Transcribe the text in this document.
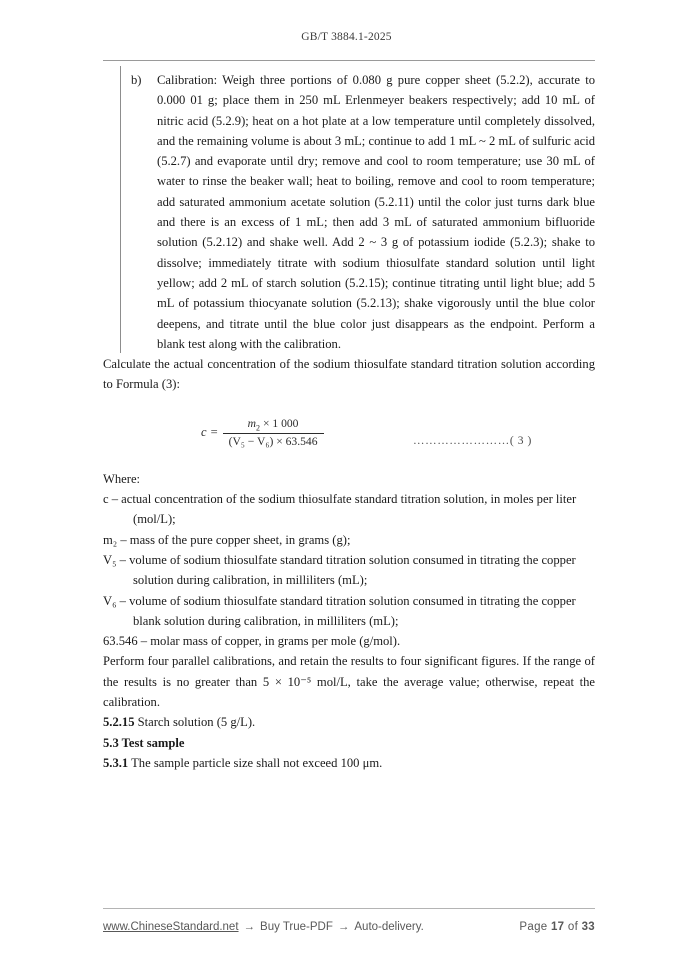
GB/T 3884.1-2025
b)	Calibration: Weigh three portions of 0.080 g pure copper sheet (5.2.2), accurate to 0.000 01 g; place them in 250 mL Erlenmeyer beakers respectively; add 10 mL of nitric acid (5.2.9); heat on a hot plate at a low temperature until completely dissolved, and the remaining volume is about 3 mL; continue to add 1 mL ~ 2 mL of sulfuric acid (5.2.7) and evaporate until dry; remove and cool to room temperature; use 30 mL of water to rinse the beaker wall; heat to boiling, remove and cool to room temperature; add saturated ammonium acetate solution (5.2.11) until the color just turns dark blue and there is an excess of 1 mL; then add 3 mL of saturated ammonium bifluoride solution (5.2.12) and shake well. Add 2 ~ 3 g of potassium iodide (5.2.3); shake to dissolve; immediately titrate with sodium thiosulfate standard solution until light yellow; add 2 mL of starch solution (5.2.15); continue titrating until light blue; add 5 mL of potassium thiocyanate solution (5.2.13); shake vigorously until the blue color deepens, and titrate until the blue color just disappears as the endpoint. Perform a blank test along with the calibration.

Calculate the actual concentration of the sodium thiosulfate standard titration solution according to Formula (3):

$c = \frac{m_2 \times 1 000}{\text{(V₅ − V₆) × 63.546}}$	……………………( 3 )

Where:

c – actual concentration of the sodium thiosulfate standard titration solution, in moles per liter (mol/L);

m₂ – mass of the pure copper sheet, in grams (g);

V₅ – volume of sodium thiosulfate standard titration solution consumed in titrating the copper solution during calibration, in milliliters (mL);

V₆ – volume of sodium thiosulfate standard titration solution consumed in titrating the copper blank solution during calibration, in milliliters (mL);

63.546 – molar mass of copper, in grams per mole (g/mol).

Perform four parallel calibrations, and retain the results to four significant figures. If the range of the results is no greater than 5 × 10⁻⁵ mol/L, take the average value; otherwise, repeat the calibration.

5.2.15 Starch solution (5 g/L).

5.3 Test sample

5.3.1 The sample particle size shall not exceed 100 μm.

www.ChineseStandard.net → Buy True-PDF → Auto-delivery.	Page 17 of 33
